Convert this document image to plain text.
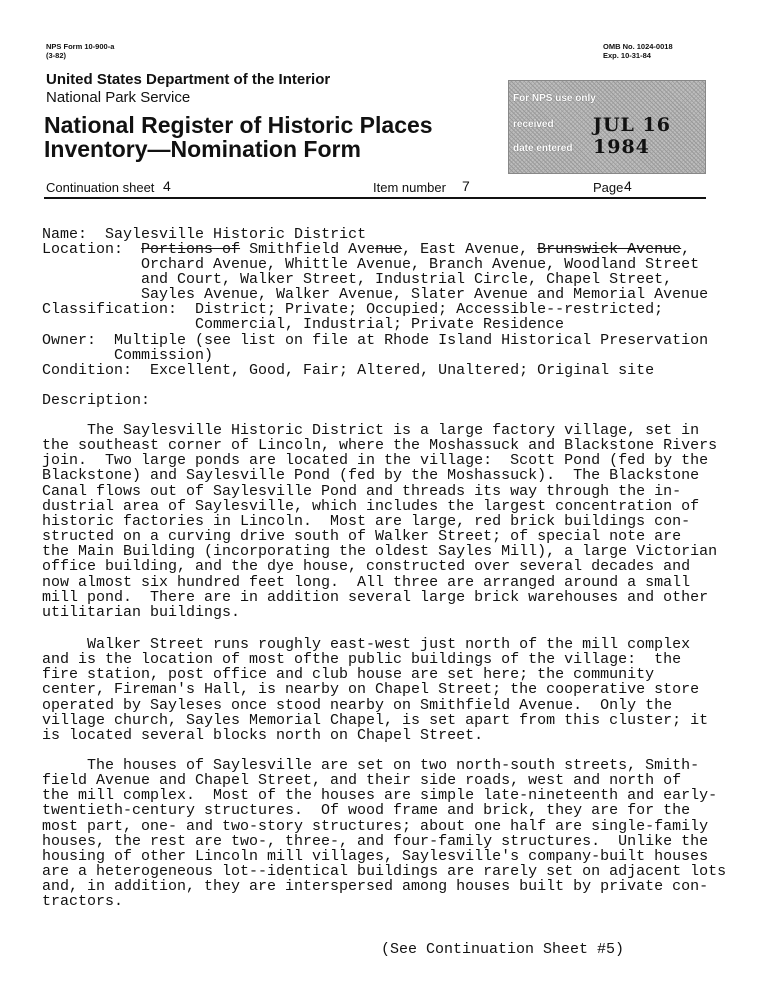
NPS Form 10-900-a
(3-82)
OMB No. 1024-0018
Exp. 10-31-84
United States Department of the Interior
National Park Service
National Register of Historic Places
Inventory—Nomination Form
For NPS use only
received JUL 16 1984
date entered
Continuation sheet 4	Item number 7	Page 4
Name: Saylesville Historic District
Location: Portions of Smithfield Avenue, East Avenue, Brunswick Avenue,
Orchard Avenue, Whittle Avenue, Branch Avenue, Woodland Street
and Court, Walker Street, Industrial Circle, Chapel Street,
Sayles Avenue, Walker Avenue, Slater Avenue and Memorial Avenue
Classification: District; Private; Occupied; Accessible--restricted;
Commercial, Industrial; Private Residence
Owner: Multiple (see list on file at Rhode Island Historical Preservation
Commission)
Condition: Excellent, Good, Fair; Altered, Unaltered; Original site
Description:
The Saylesville Historic District is a large factory village, set in
the southeast corner of Lincoln, where the Moshassuck and Blackstone Rivers
join.  Two large ponds are located in the village:  Scott Pond (fed by the
Blackstone) and Saylesville Pond (fed by the Moshassuck).  The Blackstone
Canal flows out of Saylesville Pond and threads its way through the in-
dustrial area of Saylesville, which includes the largest concentration of
historic factories in Lincoln.  Most are large, red brick buildings con-
structed on a curving drive south of Walker Street; of special note are
the Main Building (incorporating the oldest Sayles Mill), a large Victorian
office building, and the dye house, constructed over several decades and
now almost six hundred feet long.  All three are arranged around a small
mill pond.  There are in addition several large brick warehouses and other
utilitarian buildings.
Walker Street runs roughly east-west just north of the mill complex
and is the location of most ofthe public buildings of the village:  the
fire station, post office and club house are set here; the community
center, Fireman's Hall, is nearby on Chapel Street; the cooperative store
operated by Sayleses once stood nearby on Smithfield Avenue.  Only the
village church, Sayles Memorial Chapel, is set apart from this cluster; it
is located several blocks north on Chapel Street.
The houses of Saylesville are set on two north-south streets, Smith-
field Avenue and Chapel Street, and their side roads, west and north of
the mill complex.  Most of the houses are simple late-nineteenth and early-
twentieth-century structures.  Of wood frame and brick, they are for the
most part, one- and two-story structures; about one half are single-family
houses, the rest are two-, three-, and four-family structures.  Unlike the
housing of other Lincoln mill villages, Saylesville's company-built houses
are a heterogeneous lot--identical buildings are rarely set on adjacent lots
and, in addition, they are interspersed among houses built by private con-
tractors.
(See Continuation Sheet #5)
